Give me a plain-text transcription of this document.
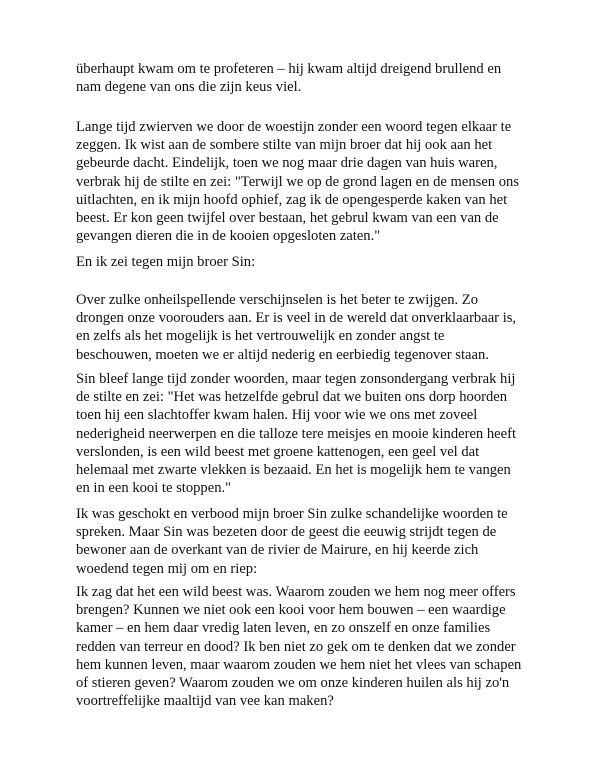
überhaupt kwam om te profeteren – hij kwam altijd dreigend brullend en
nam degene van ons die zijn keus viel.
Lange tijd zwierven we door de woestijn zonder een woord tegen elkaar te
zeggen. Ik wist aan de sombere stilte van mijn broer dat hij ook aan het
gebeurde dacht. Eindelijk, toen we nog maar drie dagen van huis waren,
verbrak hij de stilte en zei: "Terwijl we op de grond lagen en de mensen ons
uitlachten, en ik mijn hoofd ophief, zag ik de opengesperde kaken van het
beest. Er kon geen twijfel over bestaan, het gebrul kwam van een van de
gevangen dieren die in de kooien opgesloten zaten."
En ik zei tegen mijn broer Sin:
Over zulke onheilspellende verschijnselen is het beter te zwijgen. Zo
drongen onze voorouders aan. Er is veel in de wereld dat onverklaarbaar is,
en zelfs als het mogelijk is het vertrouwelijk en zonder angst te
beschouwen, moeten we er altijd nederig en eerbiedig tegenover staan.
Sin bleef lange tijd zonder woorden, maar tegen zonsondergang verbrak hij
de stilte en zei: "Het was hetzelfde gebrul dat we buiten ons dorp hoorden
toen hij een slachtoffer kwam halen. Hij voor wie we ons met zoveel
nederigheid neerwerpen en die talloze tere meisjes en mooie kinderen heeft
verslonden, is een wild beest met groene kattenogen, een geel vel dat
helemaal met zwarte vlekken is bezaaid. En het is mogelijk hem te vangen
en in een kooi te stoppen."
Ik was geschokt en verbood mijn broer Sin zulke schandelijke woorden te
spreken. Maar Sin was bezeten door de geest die eeuwig strijdt tegen de
bewoner aan de overkant van de rivier de Mairure, en hij keerde zich
woedend tegen mij om en riep:
Ik zag dat het een wild beest was. Waarom zouden we hem nog meer offers
brengen? Kunnen we niet ook een kooi voor hem bouwen – een waardige
kamer – en hem daar vredig laten leven, en zo onszelf en onze families
redden van terreur en dood? Ik ben niet zo gek om te denken dat we zonder
hem kunnen leven, maar waarom zouden we hem niet het vlees van schapen
of stieren geven? Waarom zouden we om onze kinderen huilen als hij zo'n
voortreffelijke maaltijd van vee kan maken?
